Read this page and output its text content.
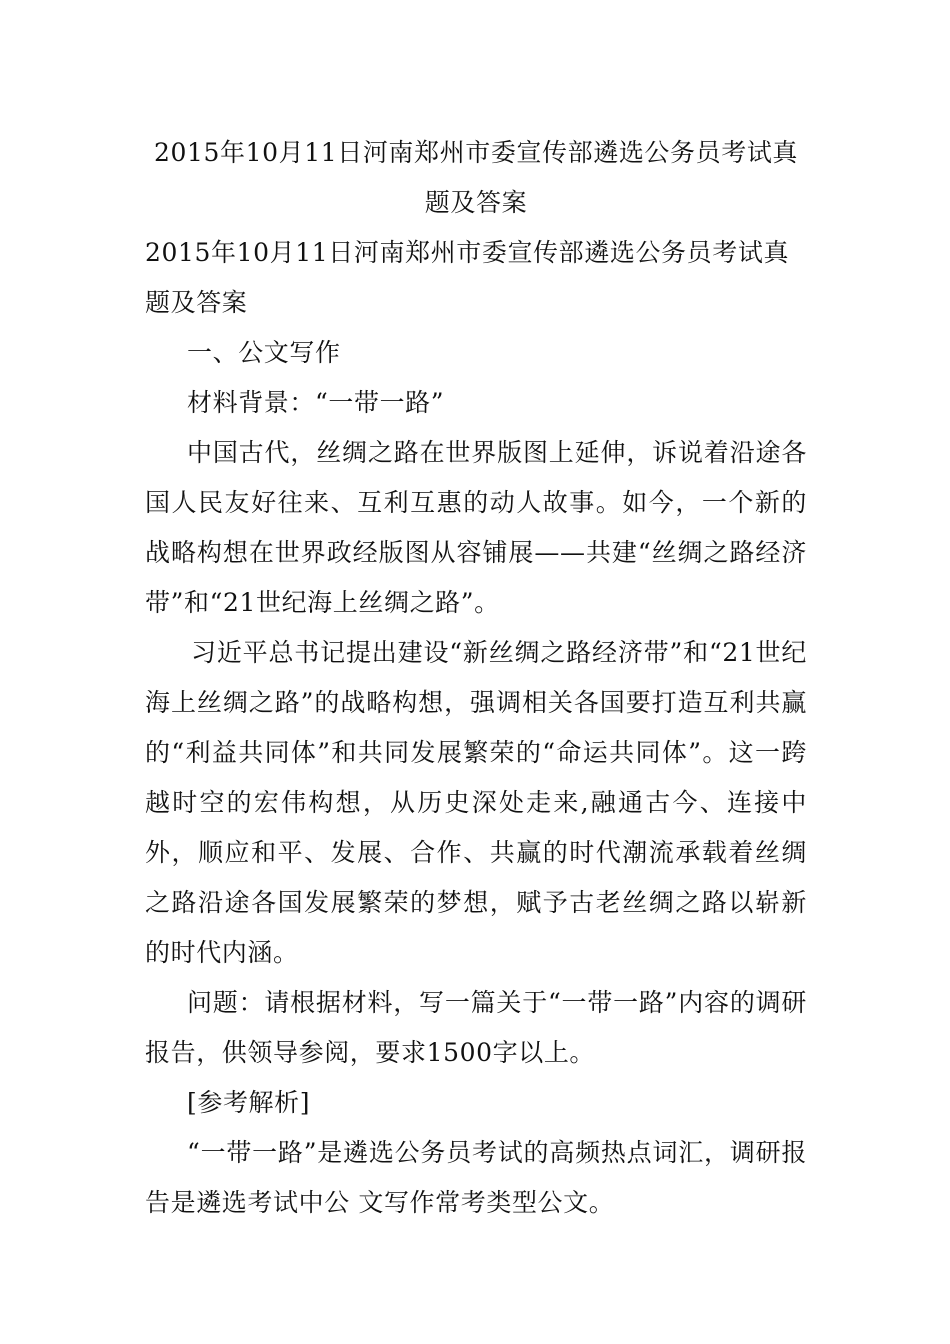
2015年10月11日河南郑州市委宣传部遴选公务员考试真题及答案
2015年10月11日河南郑州市委宣传部遴选公务员考试真题及答案

一、公文写作

材料背景：“一带一路”

中国古代，丝绸之路在世界版图上延伸，诉说着沿途各国人民友好往来、互利互惠的动人故事。如今，一个新的战略构想在世界政经版图从容铺展——共建“丝绸之路经济带”和“21世纪海上丝绸之路”。

习近平总书记提出建设“新丝绸之路经济带”和“21世纪海上丝绸之路”的战略构想，强调相关各国要打造互利共赢的“利益共同体”和共同发展繁荣的“命运共同体”。这一跨越时空的宏伟构想，从历史深处走来,融通古今、连接中外，顺应和平、发展、合作、共赢的时代潮流承载着丝绸之路沿途各国发展繁荣的梦想，赋予古老丝绸之路以崭新的时代内涵。

问题：请根据材料，写一篇关于“一带一路”内容的调研报告，供领导参阅，要求1500字以上。

[参考解析]

“一带一路”是遴选公务员考试的高频热点词汇，调研报告是遴选考试中公 文写作常考类型公文。
